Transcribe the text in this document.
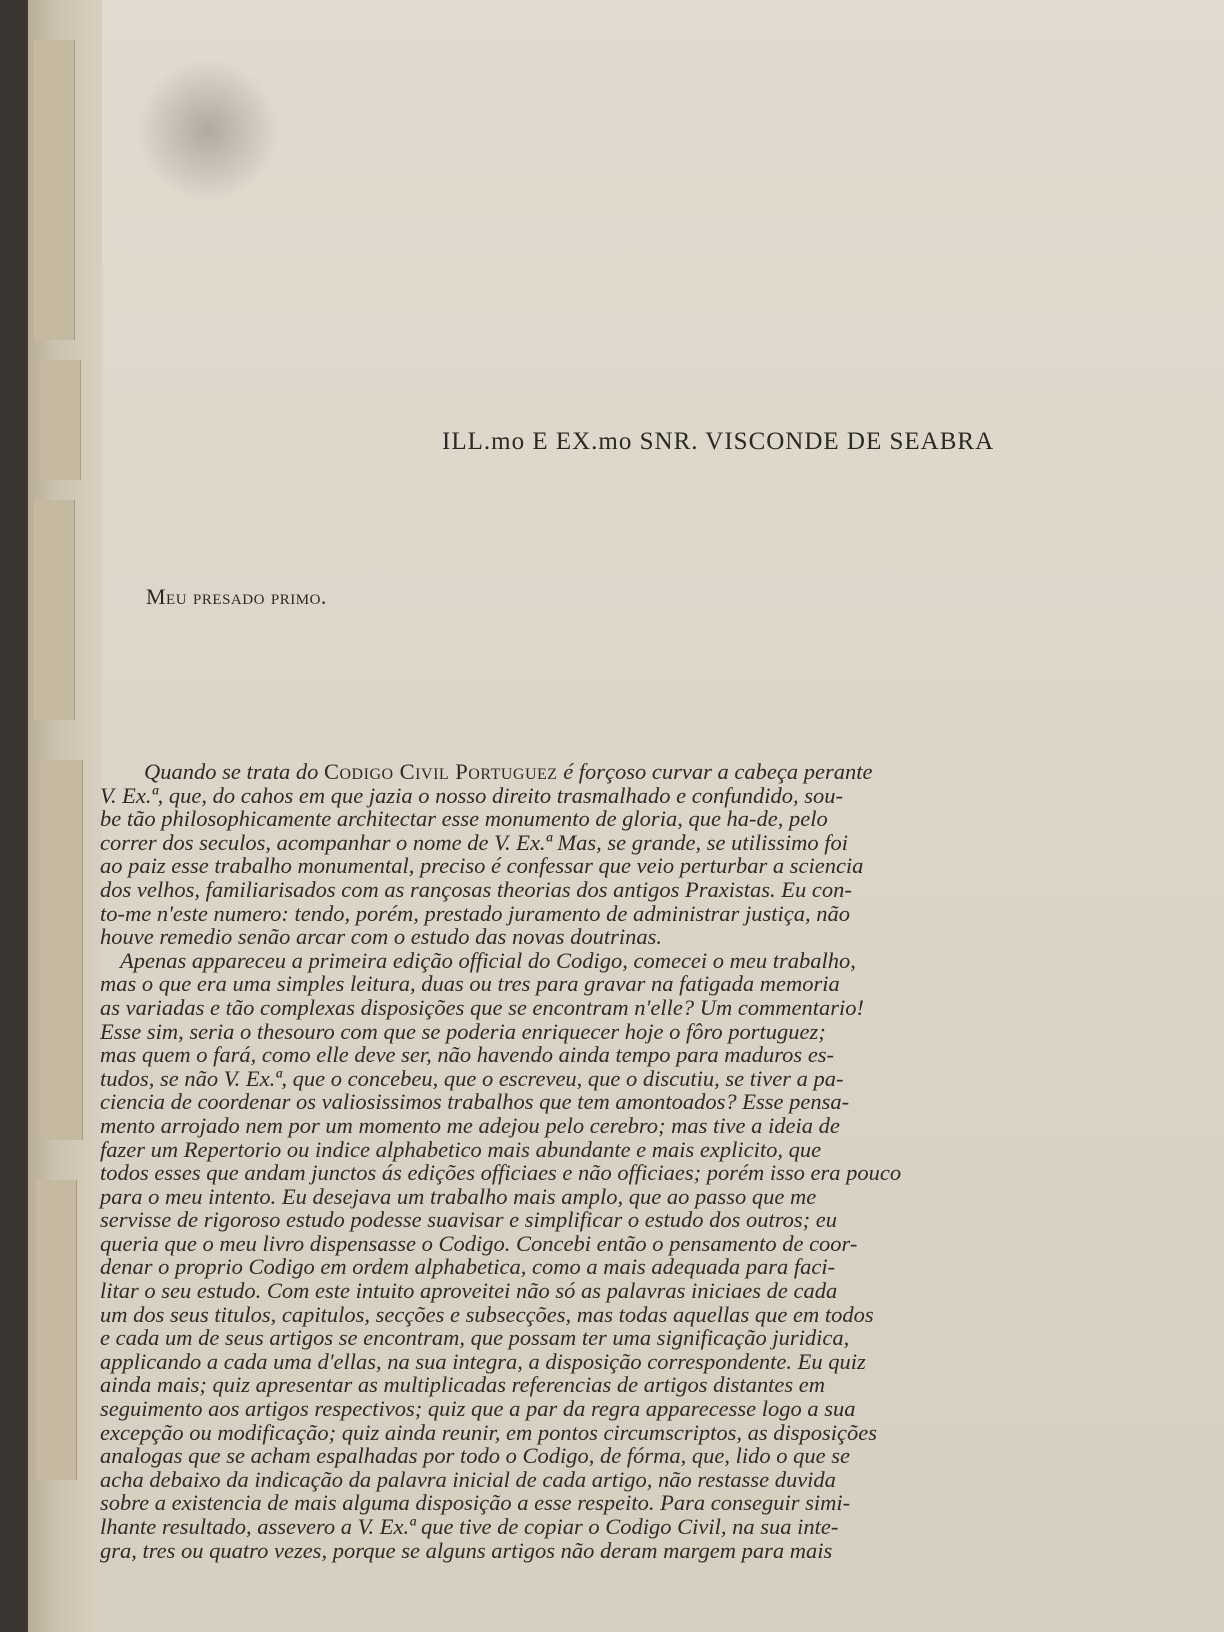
ILL.mo E EX.mo SNR. VISCONDE DE SEABRA
Meu presado primo.
Quando se trata do Codigo Civil Portuguez é forçoso curvar a cabeça perante
V. Ex.ª, que, do cahos em que jazia o nosso direito trasmalhado e confundido, sou-
be tão philosophicamente architectar esse monumento de gloria, que ha-de, pelo
correr dos seculos, acompanhar o nome de V. Ex.ª Mas, se grande, se utilissimo foi
ao paiz esse trabalho monumental, preciso é confessar que veio perturbar a sciencia
dos velhos, familiarisados com as rançosas theorias dos antigos Praxistas. Eu con-
to-me n'este numero: tendo, porém, prestado juramento de administrar justiça, não
houve remedio senão arcar com o estudo das novas doutrinas.
Apenas appareceu a primeira edição official do Codigo, comecei o meu trabalho,
mas o que era uma simples leitura, duas ou tres para gravar na fatigada memoria
as variadas e tão complexas disposições que se encontram n'elle? Um commentario!
Esse sim, seria o thesouro com que se poderia enriquecer hoje o fôro portuguez;
mas quem o fará, como elle deve ser, não havendo ainda tempo para maduros es-
tudos, se não V. Ex.ª, que o concebeu, que o escreveu, que o discutiu, se tiver a pa-
ciencia de coordenar os valiosissimos trabalhos que tem amontoados? Esse pensa-
mento arrojado nem por um momento me adejou pelo cerebro; mas tive a ideia de
fazer um Repertorio ou indice alphabetico mais abundante e mais explicito, que
todos esses que andam junctos ás edições officiaes e não officiaes; porém isso era pouco
para o meu intento. Eu desejava um trabalho mais amplo, que ao passo que me
servisse de rigoroso estudo podesse suavisar e simplificar o estudo dos outros; eu
queria que o meu livro dispensasse o Codigo. Concebi então o pensamento de coor-
denar o proprio Codigo em ordem alphabetica, como a mais adequada para faci-
litar o seu estudo. Com este intuito aproveitei não só as palavras iniciaes de cada
um dos seus titulos, capitulos, secções e subsecções, mas todas aquellas que em todos
e cada um de seus artigos se encontram, que possam ter uma significação juridica,
applicando a cada uma d'ellas, na sua integra, a disposição correspondente. Eu quiz
ainda mais; quiz apresentar as multiplicadas referencias de artigos distantes em
seguimento aos artigos respectivos; quiz que a par da regra apparecesse logo a sua
excepção ou modificação; quiz ainda reunir, em pontos circumscriptos, as disposições
analogas que se acham espalhadas por todo o Codigo, de fórma, que, lido o que se
acha debaixo da indicação da palavra inicial de cada artigo, não restasse duvida
sobre a existencia de mais alguma disposição a esse respeito. Para conseguir simi-
lhante resultado, assevero a V. Ex.ª que tive de copiar o Codigo Civil, na sua inte-
gra, tres ou quatro vezes, porque se alguns artigos não deram margem para mais
